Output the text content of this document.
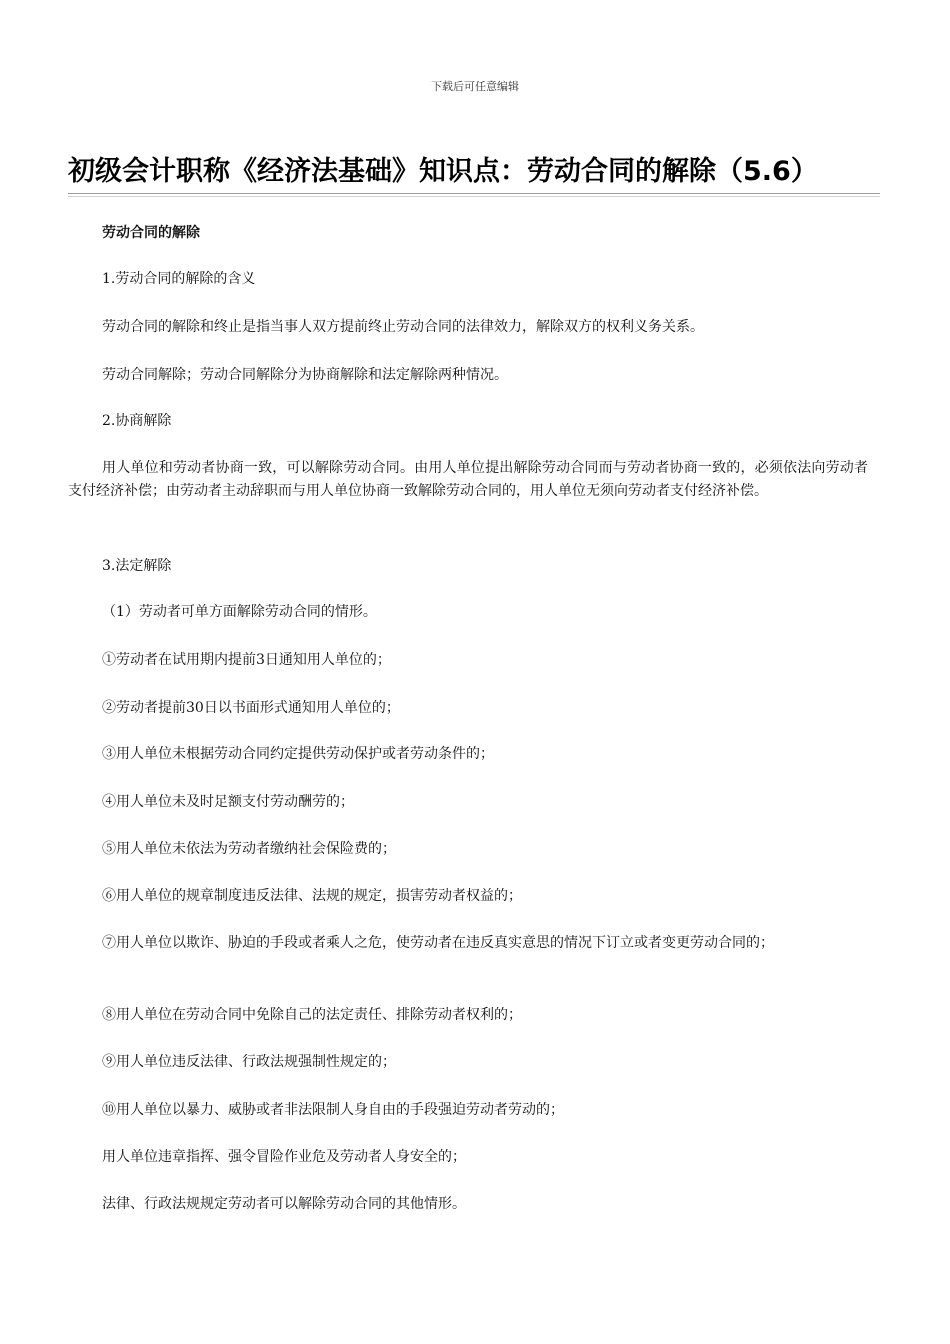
下载后可任意编辑
初级会计职称《经济法基础》知识点：劳动合同的解除（5.6）

劳动合同的解除

1.劳动合同的解除的含义

劳动合同的解除和终止是指当事人双方提前终止劳动合同的法律效力，解除双方的权利义务关系。

劳动合同解除；劳动合同解除分为协商解除和法定解除两种情况。

2.协商解除

用人单位和劳动者协商一致，可以解除劳动合同。由用人单位提出解除劳动合同而与劳动者协商一致的，必须依法向劳动者支付经济补偿；由劳动者主动辞职而与用人单位协商一致解除劳动合同的，用人单位无须向劳动者支付经济补偿。

3.法定解除

（1）劳动者可单方面解除劳动合同的情形。

①劳动者在试用期内提前3日通知用人单位的；

②劳动者提前30日以书面形式通知用人单位的；

③用人单位未根据劳动合同约定提供劳动保护或者劳动条件的；

④用人单位未及时足额支付劳动酬劳的；

⑤用人单位未依法为劳动者缴纳社会保险费的；

⑥用人单位的规章制度违反法律、法规的规定，损害劳动者权益的；

⑦用人单位以欺诈、胁迫的手段或者乘人之危，使劳动者在违反真实意思的情况下订立或者变更劳动合同的；

⑧用人单位在劳动合同中免除自己的法定责任、排除劳动者权利的；

⑨用人单位违反法律、行政法规强制性规定的；

⑩用人单位以暴力、威胁或者非法限制人身自由的手段强迫劳动者劳动的；

用人单位违章指挥、强令冒险作业危及劳动者人身安全的；

法律、行政法规规定劳动者可以解除劳动合同的其他情形。
